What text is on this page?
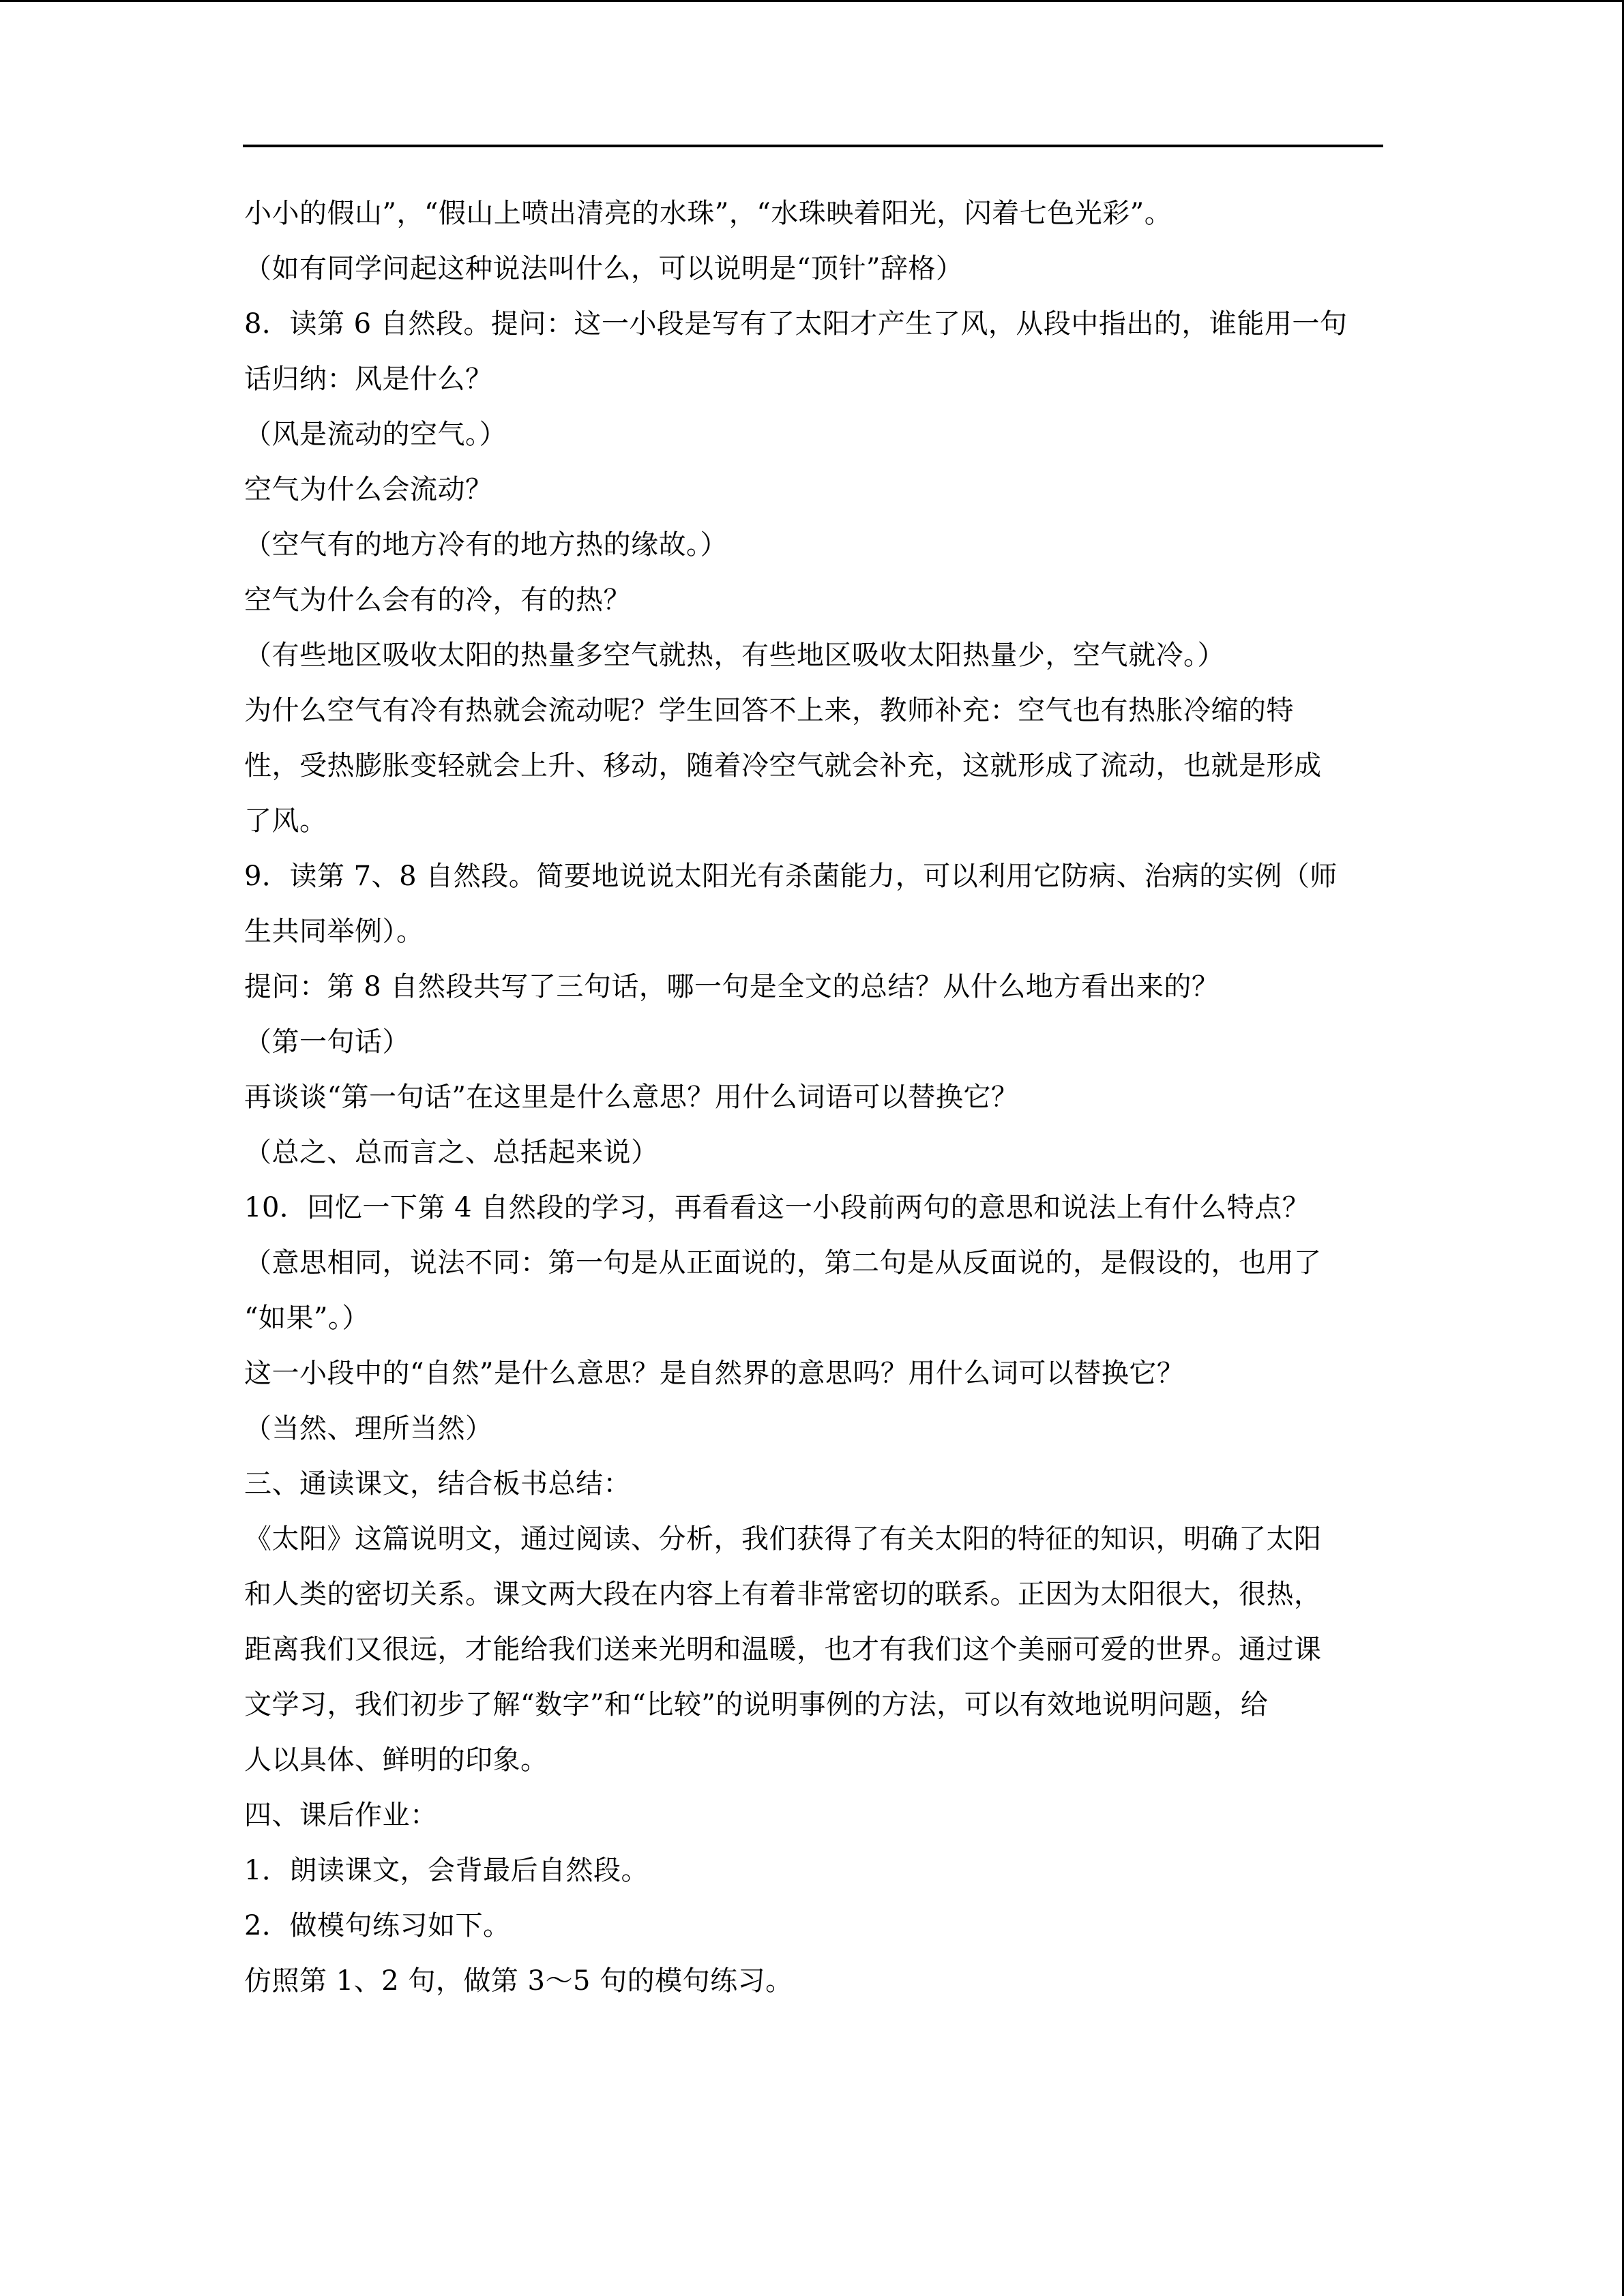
小小的假山”，“假山上喷出清亮的水珠”，“水珠映着阳光，闪着七色光彩”。
（如有同学问起这种说法叫什么，可以说明是“顶针”辞格）
8．读第 6 自然段。提问：这一小段是写有了太阳才产生了风，从段中指出的，谁能用一句
话归纳：风是什么？
（风是流动的空气。）
空气为什么会流动？
（空气有的地方冷有的地方热的缘故。）
空气为什么会有的冷，有的热？
（有些地区吸收太阳的热量多空气就热，有些地区吸收太阳热量少，空气就冷。）
为什么空气有冷有热就会流动呢？学生回答不上来，教师补充：空气也有热胀冷缩的特
性，受热膨胀变轻就会上升、移动，随着冷空气就会补充，这就形成了流动，也就是形成
了风。
9．读第 7、8 自然段。简要地说说太阳光有杀菌能力，可以利用它防病、治病的实例（师
生共同举例）。
提问：第 8 自然段共写了三句话，哪一句是全文的总结？从什么地方看出来的？
（第一句话）
再谈谈“第一句话”在这里是什么意思？用什么词语可以替换它？
（总之、总而言之、总括起来说）
10．回忆一下第 4 自然段的学习，再看看这一小段前两句的意思和说法上有什么特点？
（意思相同，说法不同：第一句是从正面说的，第二句是从反面说的，是假设的，也用了
“如果”。）
这一小段中的“自然”是什么意思？是自然界的意思吗？用什么词可以替换它？
（当然、理所当然）
三、通读课文，结合板书总结：
《太阳》这篇说明文，通过阅读、分析，我们获得了有关太阳的特征的知识，明确了太阳
和人类的密切关系。课文两大段在内容上有着非常密切的联系。正因为太阳很大，很热，
距离我们又很远，才能给我们送来光明和温暖，也才有我们这个美丽可爱的世界。通过课
文学习，我们初步了解“数字”和“比较”的说明事例的方法，可以有效地说明问题，给
人以具体、鲜明的印象。
四、课后作业：
1．朗读课文，会背最后自然段。
2．做模句练习如下。
仿照第 1、2 句，做第 3～5 句的模句练习。
